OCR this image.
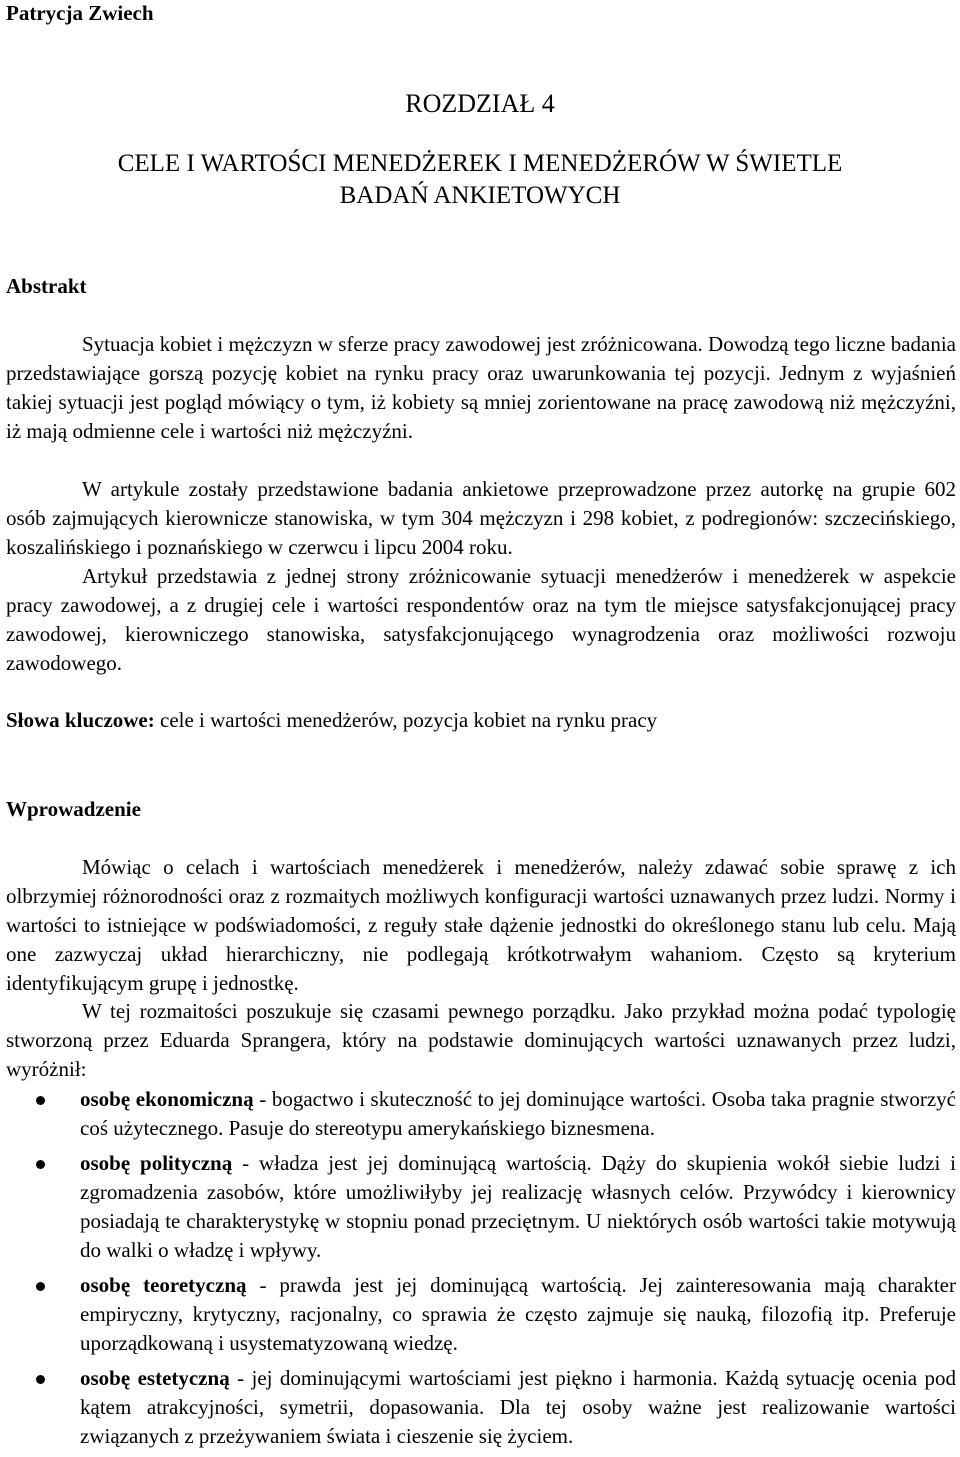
Patrycja Zwiech
ROZDZIAŁ 4
CELE I WARTOŚCI MENEDŻEREK I MENEDŻERÓW W ŚWIETLE
BADAŃ ANKIETOWYCH
Abstrakt

Sytuacja kobiet i mężczyzn w sferze pracy zawodowej jest zróżnicowana. Dowodzą tego liczne badania przedstawiające gorszą pozycję kobiet na rynku pracy oraz uwarunkowania tej pozycji. Jednym z wyjaśnień takiej sytuacji jest pogląd mówiący o tym, iż kobiety są mniej zorientowane na pracę zawodową niż mężczyźni, iż mają odmienne cele i wartości niż mężczyźni.

W artykule zostały przedstawione badania ankietowe przeprowadzone przez autorkę na grupie 602 osób zajmujących kierownicze stanowiska, w tym 304 mężczyzn i 298 kobiet, z podregionów: szczecińskiego, koszalińskiego i poznańskiego w czerwcu i lipcu 2004 roku.

Artykuł przedstawia z jednej strony zróżnicowanie sytuacji menedżerów i menedżerek w aspekcie pracy zawodowej, a z drugiej cele i wartości respondentów oraz na tym tle miejsce satysfakcjonującej pracy zawodowej, kierowniczego stanowiska, satysfakcjonującego wynagrodzenia oraz możliwości rozwoju zawodowego.

Słowa kluczowe: cele i wartości menedżerów, pozycja kobiet na rynku pracy
Wprowadzenie

Mówiąc o celach i wartościach menedżerek i menedżerów, należy zdawać sobie sprawę z ich olbrzymiej różnorodności oraz z rozmaitych możliwych konfiguracji wartości uznawanych przez ludzi. Normy i wartości to istniejące w podświadomości, z reguły stałe dążenie jednostki do określonego stanu lub celu. Mają one zazwyczaj układ hierarchiczny, nie podlegają krótkotrwałym wahaniom. Często są kryterium identyfikującym grupę i jednostkę.

W tej rozmaitości poszukuje się czasami pewnego porządku. Jako przykład można podać typologię stworzoną przez Eduarda Sprangera, który na podstawie dominujących wartości uznawanych przez ludzi, wyróżnił:

osobę ekonomiczną - bogactwo i skuteczność to jej dominujące wartości. Osoba taka pragnie stworzyć coś użytecznego. Pasuje do stereotypu amerykańskiego biznesmena.
osobę polityczną - władza jest jej dominującą wartością. Dąży do skupienia wokół siebie ludzi i zgromadzenia zasobów, które umożliwiłyby jej realizację własnych celów. Przywódcy i kierownicy posiadają te charakterystykę w stopniu ponad przeciętnym. U niektórych osób wartości takie motywują do walki o władzę i wpływy.
osobę teoretyczną - prawda jest jej dominującą wartością. Jej zainteresowania mają charakter empiryczny, krytyczny, racjonalny, co sprawia że często zajmuje się nauką, filozofią itp. Preferuje uporządkowaną i usystematyzowaną wiedzę.
osobę estetyczną - jej dominującymi wartościami jest piękno i harmonia. Każdą sytuację ocenia pod kątem atrakcyjności, symetrii, dopasowania. Dla tej osoby ważne jest realizowanie wartości związanych z przeżywaniem świata i cieszenie się życiem.
